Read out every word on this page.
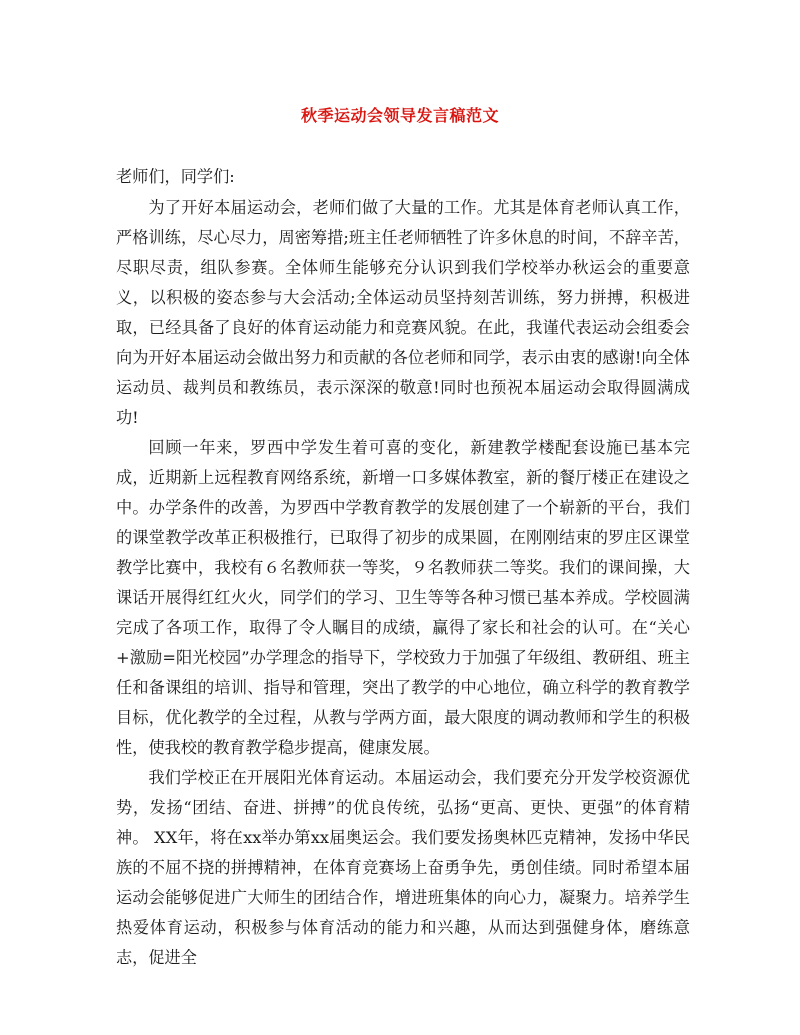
秋季运动会领导发言稿范文
老师们，同学们:

为了开好本届运动会，老师们做了大量的工作。尤其是体育老师认真工作，严格训练，尽心尽力，周密筹措;班主任老师牺牲了许多休息的时间，不辞辛苦，尽职尽责，组队参赛。全体师生能够充分认识到我们学校举办秋运会的重要意义，以积极的姿态参与大会活动;全体运动员坚持刻苦训练，努力拼搏，积极进取，已经具备了良好的体育运动能力和竞赛风貌。在此，我谨代表运动会组委会向为开好本届运动会做出努力和贡献的各位老师和同学，表示由衷的感谢!向全体运动员、裁判员和教练员，表示深深的敬意!同时也预祝本届运动会取得圆满成功!

回顾一年来，罗西中学发生着可喜的变化，新建教学楼配套设施已基本完成，近期新上远程教育网络系统，新增一口多媒体教室，新的餐厅楼正在建设之中。办学条件的改善，为罗西中学教育教学的发展创建了一个崭新的平台，我们的课堂教学改革正积极推行，已取得了初步的成果圆，在刚刚结束的罗庄区课堂教学比赛中，我校有６名教师获一等奖，９名教师获二等奖。我们的课间操，大课话开展得红红火火，同学们的学习、卫生等等各种习惯已基本养成。学校圆满完成了各项工作，取得了令人瞩目的成绩，赢得了家长和社会的认可。在“关心+激励=阳光校园”办学理念的指导下，学校致力于加强了年级组、教研组、班主任和备课组的培训、指导和管理，突出了教学的中心地位，确立科学的教育教学目标，优化教学的全过程，从教与学两方面，最大限度的调动教师和学生的积极性，使我校的教育教学稳步提高，健康发展。

我们学校正在开展阳光体育运动。本届运动会，我们要充分开发学校资源优势，发扬“团结、奋进、拼搏”的优良传统，弘扬“更高、更快、更强”的体育精神。 XX年，将在xx举办第xx届奥运会。我们要发扬奥林匹克精神，发扬中华民族的不屈不挠的拼搏精神，在体育竞赛场上奋勇争先，勇创佳绩。同时希望本届运动会能够促进广大师生的团结合作，增进班集体的向心力，凝聚力。培养学生热爱体育运动，积极参与体育活动的能力和兴趣，从而达到强健身体，磨练意志，促进全
